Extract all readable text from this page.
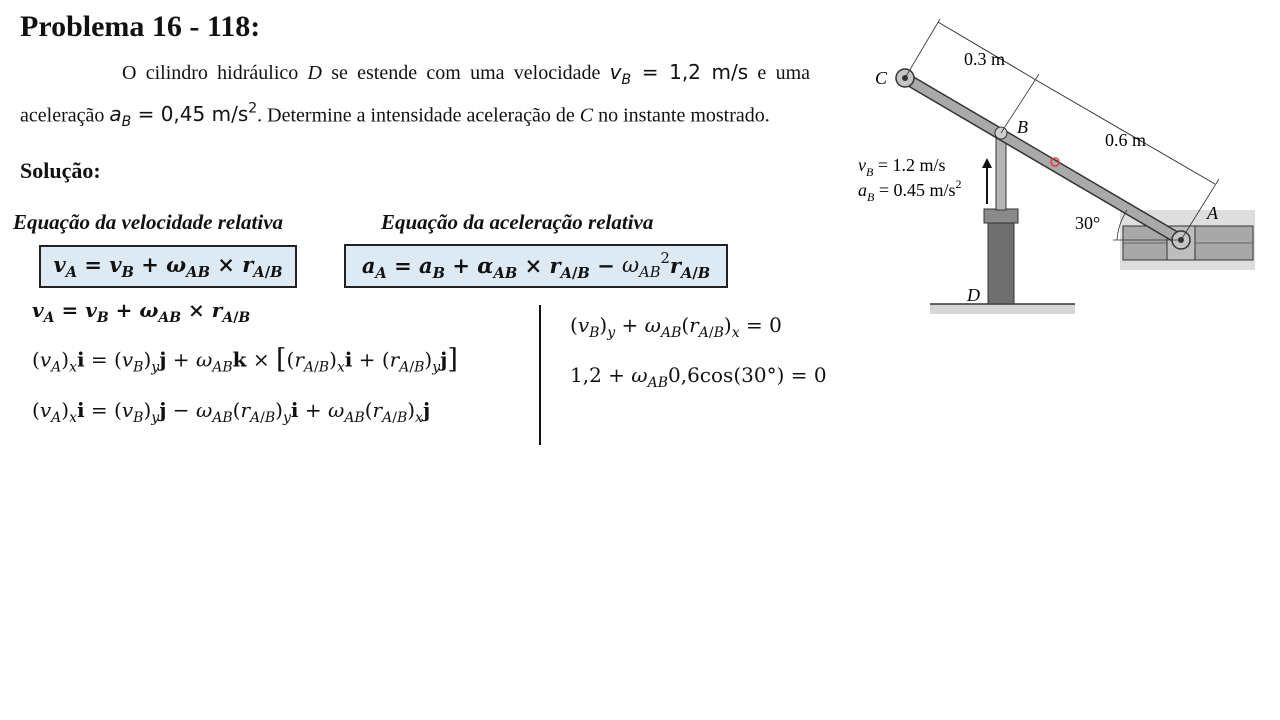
Problema 16 - 118:
O cilindro hidráulico D se estende com uma velocidade $v_B = 1,2$ m/s e uma aceleração $a_B = 0,45$ $m/s^2$. Determine a intensidade aceleração de C no instante mostrado.
Solução:
Equação da velocidade relativa	Equação da aceleração relativa
$v_A = v_B + \omega_{AB} \times r_{A/B}$	$a_A = a_B + \alpha_{AB} \times r_{A/B} - \omega_{AB}^2r_{A/B}$
$v_A = v_B + \omega_{AB} \times r_{A/B}$
$(v_A)_xi = (v_B)_yj + \omega_{AB}k \times [(r_{A/B})_xi + (r_{A/B})_yj]$
$(v_A)_xi = (v_B)_yj - \omega_{AB}(r_{A/B})_yi + \omega_{AB}(r_{A/B})_xj$
$(v_B)_y + \omega_{AB}(r_{A/B})_x = 0$
$1,2 + \omega_{AB}0,6\cos(30^\circ) = 0$
C
B
A
D
0.3 m
0.6 m
30°
$v_B = 1.2$ m/s
$a_B = 0.45$ $m/s^2$
